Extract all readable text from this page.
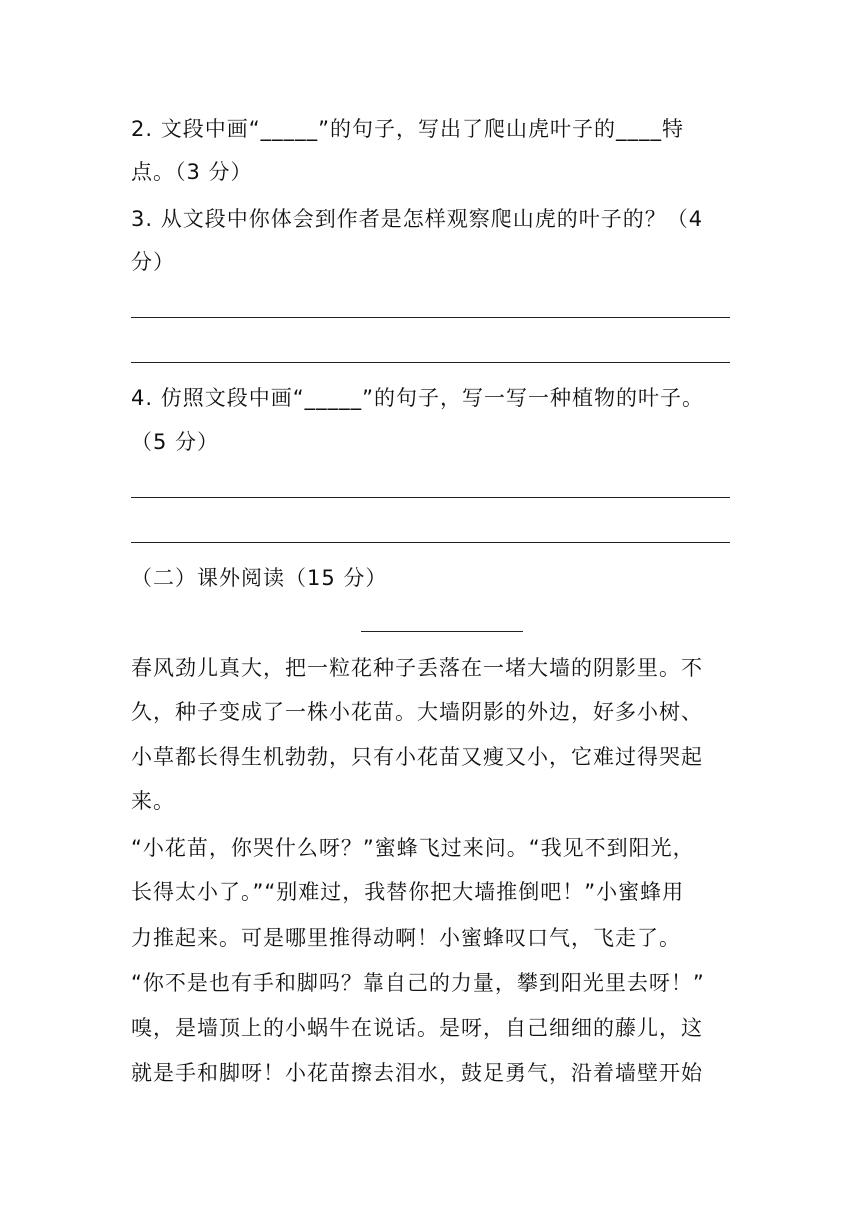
2. 文段中画“_____”的句子，写出了爬山虎叶子的____特
点。（3 分）
3. 从文段中你体会到作者是怎样观察爬山虎的叶子的？（4
分）
4. 仿照文段中画“_____”的句子，写一写一种植物的叶子。
（5 分）
（二）课外阅读（15 分）
春风劲儿真大，把一粒花种子丢落在一堵大墙的阴影里。不
久，种子变成了一株小花苗。大墙阴影的外边，好多小树、
小草都长得生机勃勃，只有小花苗又瘦又小，它难过得哭起
来。
“小花苗，你哭什么呀？”蜜蜂飞过来问。“我见不到阳光，
长得太小了。”“别难过，我替你把大墙推倒吧！”小蜜蜂用
力推起来。可是哪里推得动啊！小蜜蜂叹口气，飞走了。
“你不是也有手和脚吗？靠自己的力量，攀到阳光里去呀！”
嗅，是墙顶上的小蜗牛在说话。是呀，自己细细的藤儿，这
就是手和脚呀！小花苗擦去泪水，鼓足勇气，沿着墙壁开始
